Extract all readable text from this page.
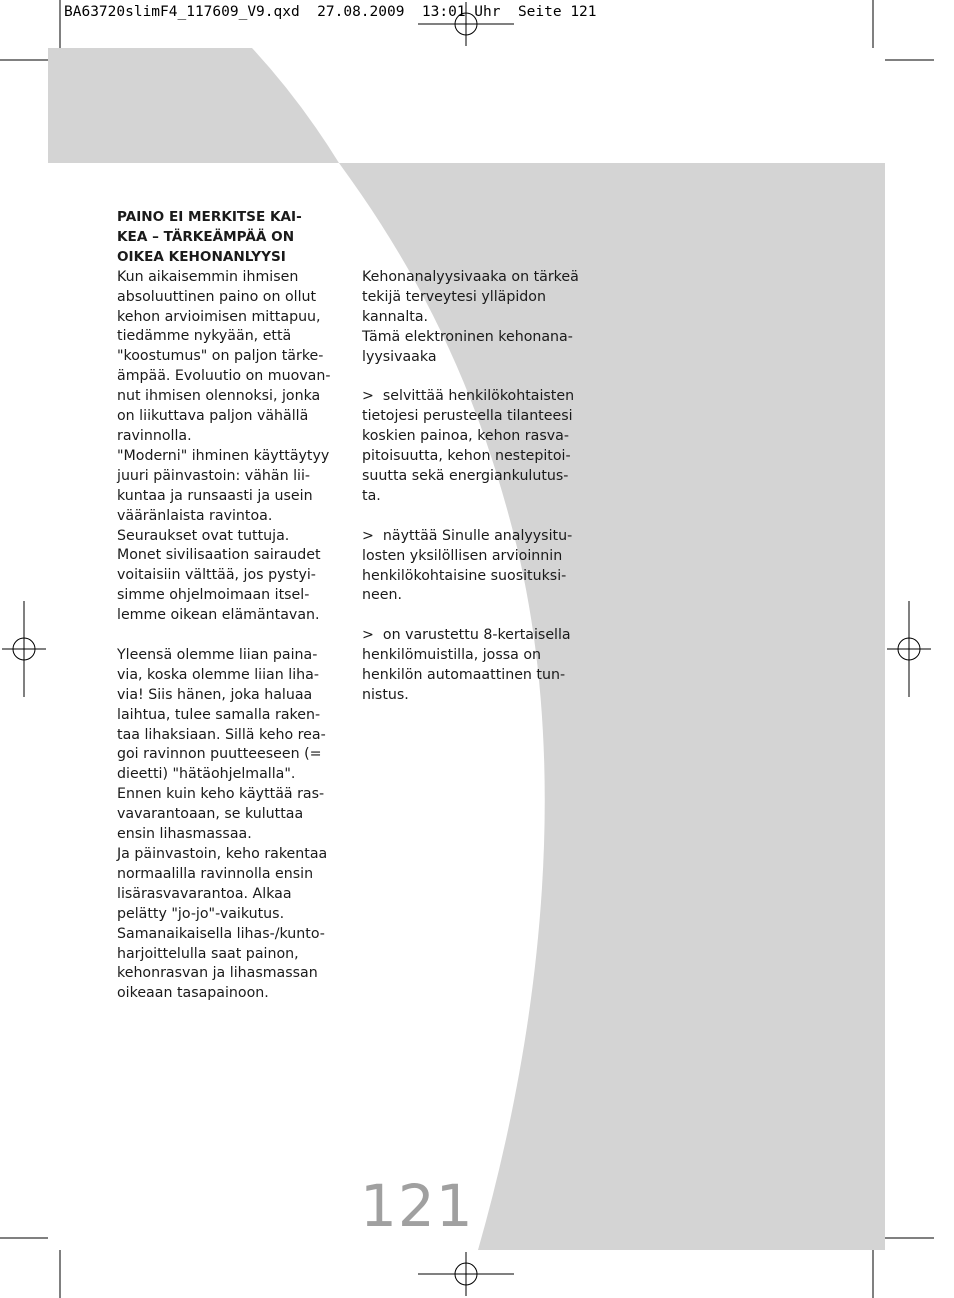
BA63720slimF4_117609_V9.qxd  27.08.2009  13:01 Uhr  Seite 121
PAINO EI MERKITSE KAI-
KEA – TÄRKEÄMPÄÄ ON
OIKEA KEHONANLYYSI
Kun aikaisemmin ihmisen
absoluuttinen paino on ollut
kehon arvioimisen mittapuu,
tiedämme nykyään, että
"koostumus" on paljon tärke-
ämpää. Evoluutio on muovan-
nut ihmisen olennoksi, jonka
on liikuttava paljon vähällä
ravinnolla.
"Moderni" ihminen käyttäytyy
juuri päinvastoin: vähän lii-
kuntaa ja runsaasti ja usein
vääränlaista ravintoa.
Seuraukset ovat tuttuja.
Monet sivilisaation sairaudet
voitaisiin välttää, jos pystyi-
simme ohjelmoimaan itsel-
lemme oikean elämäntavan.
Yleensä olemme liian paina-
via, koska olemme liian liha-
via! Siis hänen, joka haluaa
laihtua, tulee samalla raken-
taa lihaksiaan. Sillä keho rea-
goi ravinnon puutteeseen (=
dieetti) "hätäohjelmalla".
Ennen kuin keho käyttää ras-
vavarantoaan, se kuluttaa
ensin lihasmassaa.
Ja päinvastoin, keho rakentaa
normaalilla ravinnolla ensin
lisärasvavarantoa. Alkaa
pelätty "jo-jo"-vaikutus.
Samanaikaisella lihas-/kunto-
harjoittelulla saat painon,
kehonrasvan ja lihasmassan
oikeaan tasapainoon.
Kehonanalyysivaaka on tärkeä
tekijä terveytesi ylläpidon
kannalta.
Tämä elektroninen kehonana-
lyysivaaka
>  selvittää henkilökohtaisten
tietojesi perusteella tilanteesi
koskien painoa, kehon rasva-
pitoisuutta, kehon nestepitoi-
suutta sekä energiankulutus-
ta.
>  näyttää Sinulle analyysitu-
losten yksilöllisen arvioinnin
henkilökohtaisine suosituksi-
neen.
>  on varustettu 8-kertaisella
henkilömuistilla, jossa on
henkilön automaattinen tun-
nistus.
121
